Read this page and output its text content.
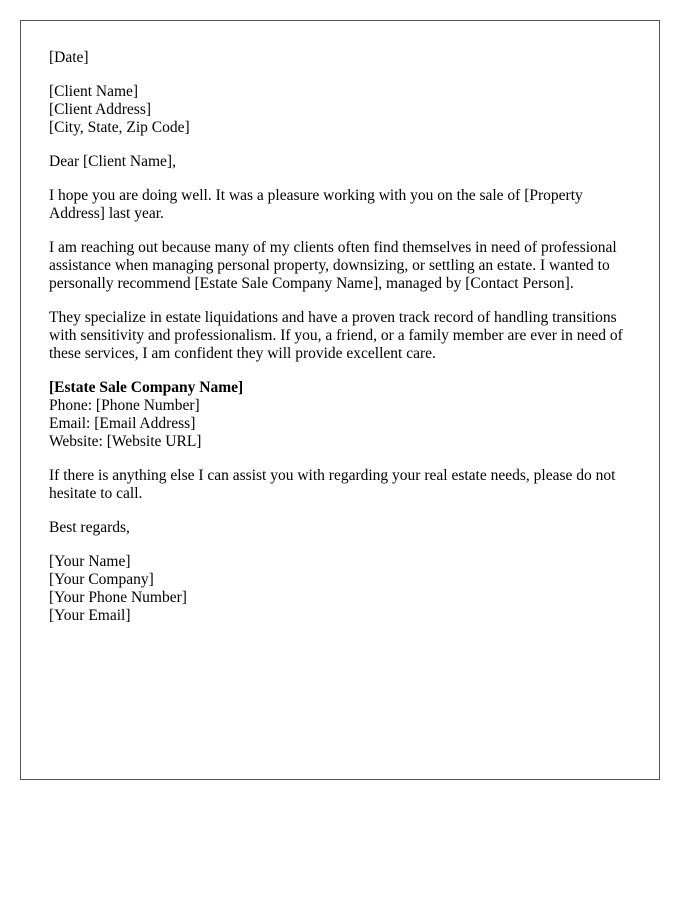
[Date]
[Client Name]
[Client Address]
[City, State, Zip Code]
Dear [Client Name],

I hope you are doing well. It was a pleasure working with you on the sale of [Property Address] last year.

I am reaching out because many of my clients often find themselves in need of professional assistance when managing personal property, downsizing, or settling an estate. I wanted to personally recommend [Estate Sale Company Name], managed by [Contact Person].

They specialize in estate liquidations and have a proven track record of handling transitions with sensitivity and professionalism. If you, a friend, or a family member are ever in need of these services, I am confident they will provide excellent care.

[Estate Sale Company Name]
Phone: [Phone Number]
Email: [Email Address]
Website: [Website URL]

If there is anything else I can assist you with regarding your real estate needs, please do not hesitate to call.

Best regards,
[Your Name]
[Your Company]
[Your Phone Number]
[Your Email]
